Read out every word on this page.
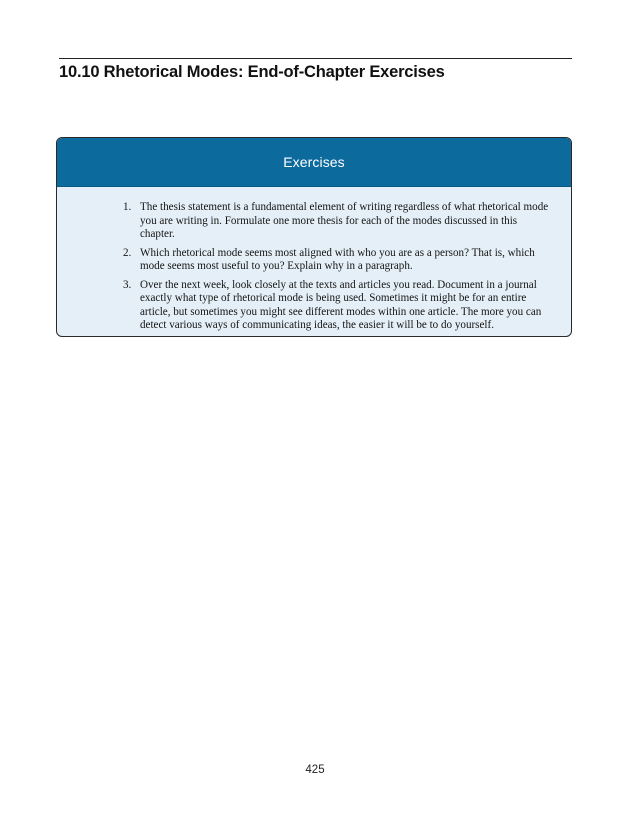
10.10 Rhetorical Modes: End-of-Chapter Exercises
Exercises
1. The thesis statement is a fundamental element of writing regardless of what rhetorical mode you are writing in. Formulate one more thesis for each of the modes discussed in this chapter.
2. Which rhetorical mode seems most aligned with who you are as a person? That is, which mode seems most useful to you? Explain why in a paragraph.
3. Over the next week, look closely at the texts and articles you read. Document in a journal exactly what type of rhetorical mode is being used. Sometimes it might be for an entire article, but sometimes you might see different modes within one article. The more you can detect various ways of communicating ideas, the easier it will be to do yourself.
425
